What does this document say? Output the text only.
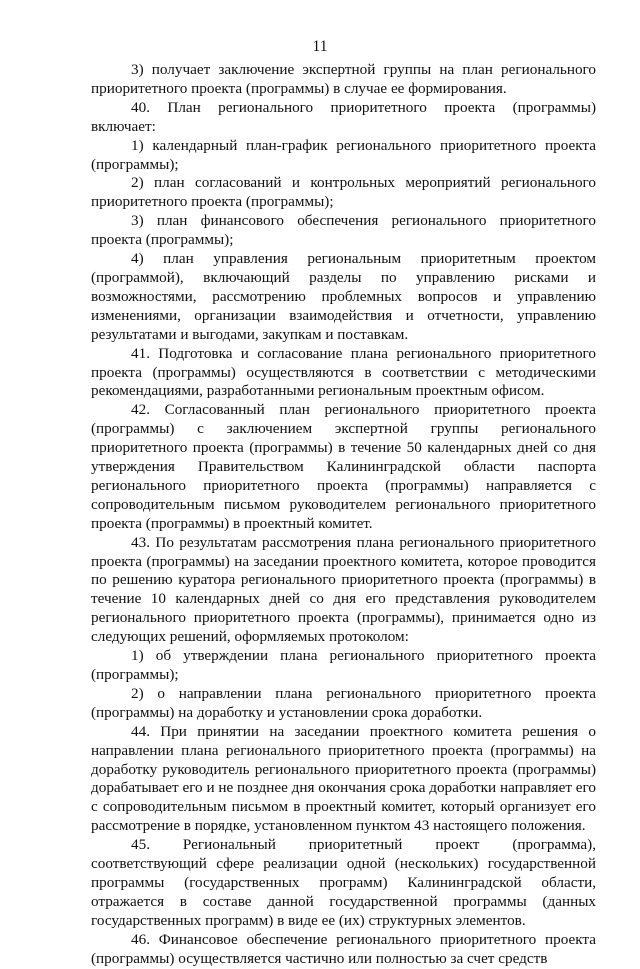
11

3) получает заключение экспертной группы на план регионального приоритетного проекта (программы) в случае ее формирования.

40. План регионального приоритетного проекта (программы) включает:

1) календарный план-график регионального приоритетного проекта (программы);

2) план согласований и контрольных мероприятий регионального приоритетного проекта (программы);

3) план финансового обеспечения регионального приоритетного проекта (программы);

4) план управления региональным приоритетным проектом (программой), включающий разделы по управлению рисками и возможностями, рассмотрению проблемных вопросов и управлению изменениями, организации взаимодействия и отчетности, управлению результатами и выгодами, закупкам и поставкам.

41. Подготовка и согласование плана регионального приоритетного проекта (программы) осуществляются в соответствии с методическими рекомендациями, разработанными региональным проектным офисом.

42. Согласованный план регионального приоритетного проекта (программы) с заключением экспертной группы регионального приоритетного проекта (программы) в течение 50 календарных дней со дня утверждения Правительством Калининградской области паспорта регионального приоритетного проекта (программы) направляется с сопроводительным письмом руководителем регионального приоритетного проекта (программы) в проектный комитет.

43. По результатам рассмотрения плана регионального приоритетного проекта (программы) на заседании проектного комитета, которое проводится по решению куратора регионального приоритетного проекта (программы) в течение 10 календарных дней со дня его представления руководителем регионального приоритетного проекта (программы), принимается одно из следующих решений, оформляемых протоколом:

1) об утверждении плана регионального приоритетного проекта (программы);

2) о направлении плана регионального приоритетного проекта (программы) на доработку и установлении срока доработки.

44. При принятии на заседании проектного комитета решения о направлении плана регионального приоритетного проекта (программы) на доработку руководитель регионального приоритетного проекта (программы) дорабатывает его и не позднее дня окончания срока доработки направляет его с сопроводительным письмом в проектный комитет, который организует его рассмотрение в порядке, установленном пунктом 43 настоящего положения.

45. Региональный приоритетный проект (программа), соответствующий сфере реализации одной (нескольких) государственной программы (государственных программ) Калининградской области, отражается в составе данной государственной программы (данных государственных программ) в виде ее (их) структурных элементов.

46. Финансовое обеспечение регионального приоритетного проекта (программы) осуществляется частично или полностью за счет средств
